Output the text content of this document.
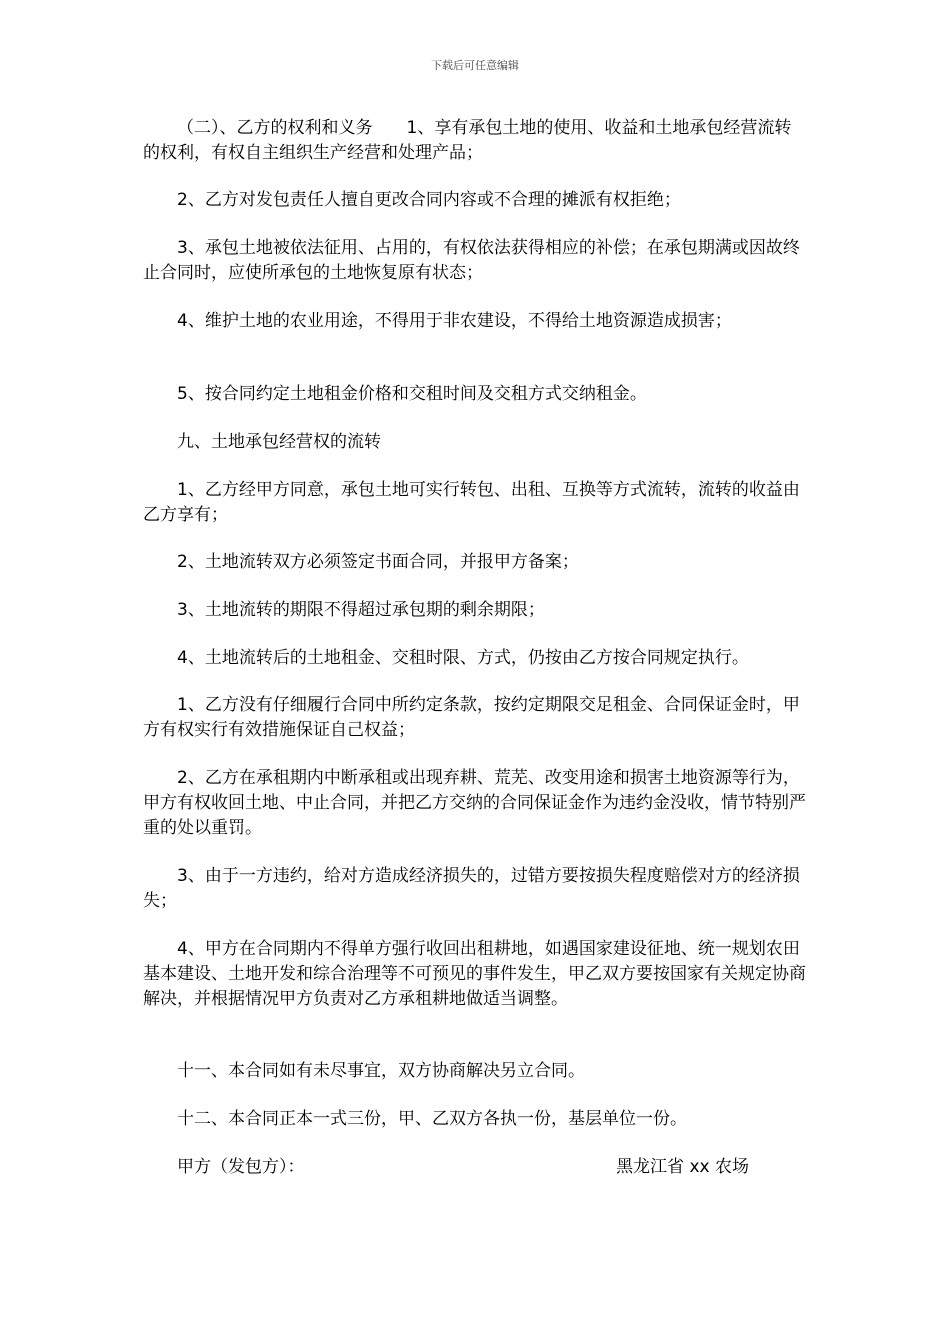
下载后可任意编辑

（二）、乙方的权利和义务　　1、享有承包土地的使用、收益和土地承包经营流转的权利，有权自主组织生产经营和处理产品；

2、乙方对发包责任人擅自更改合同内容或不合理的摊派有权拒绝；

3、承包土地被依法征用、占用的，有权依法获得相应的补偿；在承包期满或因故终止合同时，应使所承包的土地恢复原有状态；

4、维护土地的农业用途，不得用于非农建设，不得给土地资源造成损害；

5、按合同约定土地租金价格和交租时间及交租方式交纳租金。

九、土地承包经营权的流转

1、乙方经甲方同意，承包土地可实行转包、出租、互换等方式流转，流转的收益由乙方享有；

2、土地流转双方必须签定书面合同，并报甲方备案；

3、土地流转的期限不得超过承包期的剩余期限；

4、土地流转后的土地租金、交租时限、方式，仍按由乙方按合同规定执行。

1、乙方没有仔细履行合同中所约定条款，按约定期限交足租金、合同保证金时，甲方有权实行有效措施保证自己权益；

2、乙方在承租期内中断承租或出现弃耕、荒芜、改变用途和损害土地资源等行为，甲方有权收回土地、中止合同，并把乙方交纳的合同保证金作为违约金没收，情节特别严重的处以重罚。

3、由于一方违约，给对方造成经济损失的，过错方要按损失程度赔偿对方的经济损失；

4、甲方在合同期内不得单方强行收回出租耕地，如遇国家建设征地、统一规划农田基本建设、土地开发和综合治理等不可预见的事件发生，甲乙双方要按国家有关规定协商解决，并根据情况甲方负责对乙方承租耕地做适当调整。

十一、本合同如有未尽事宜，双方协商解决另立合同。

十二、本合同正本一式三份，甲、乙双方各执一份，基层单位一份。

甲方（发包方）：	黑龙江省 xx 农场
